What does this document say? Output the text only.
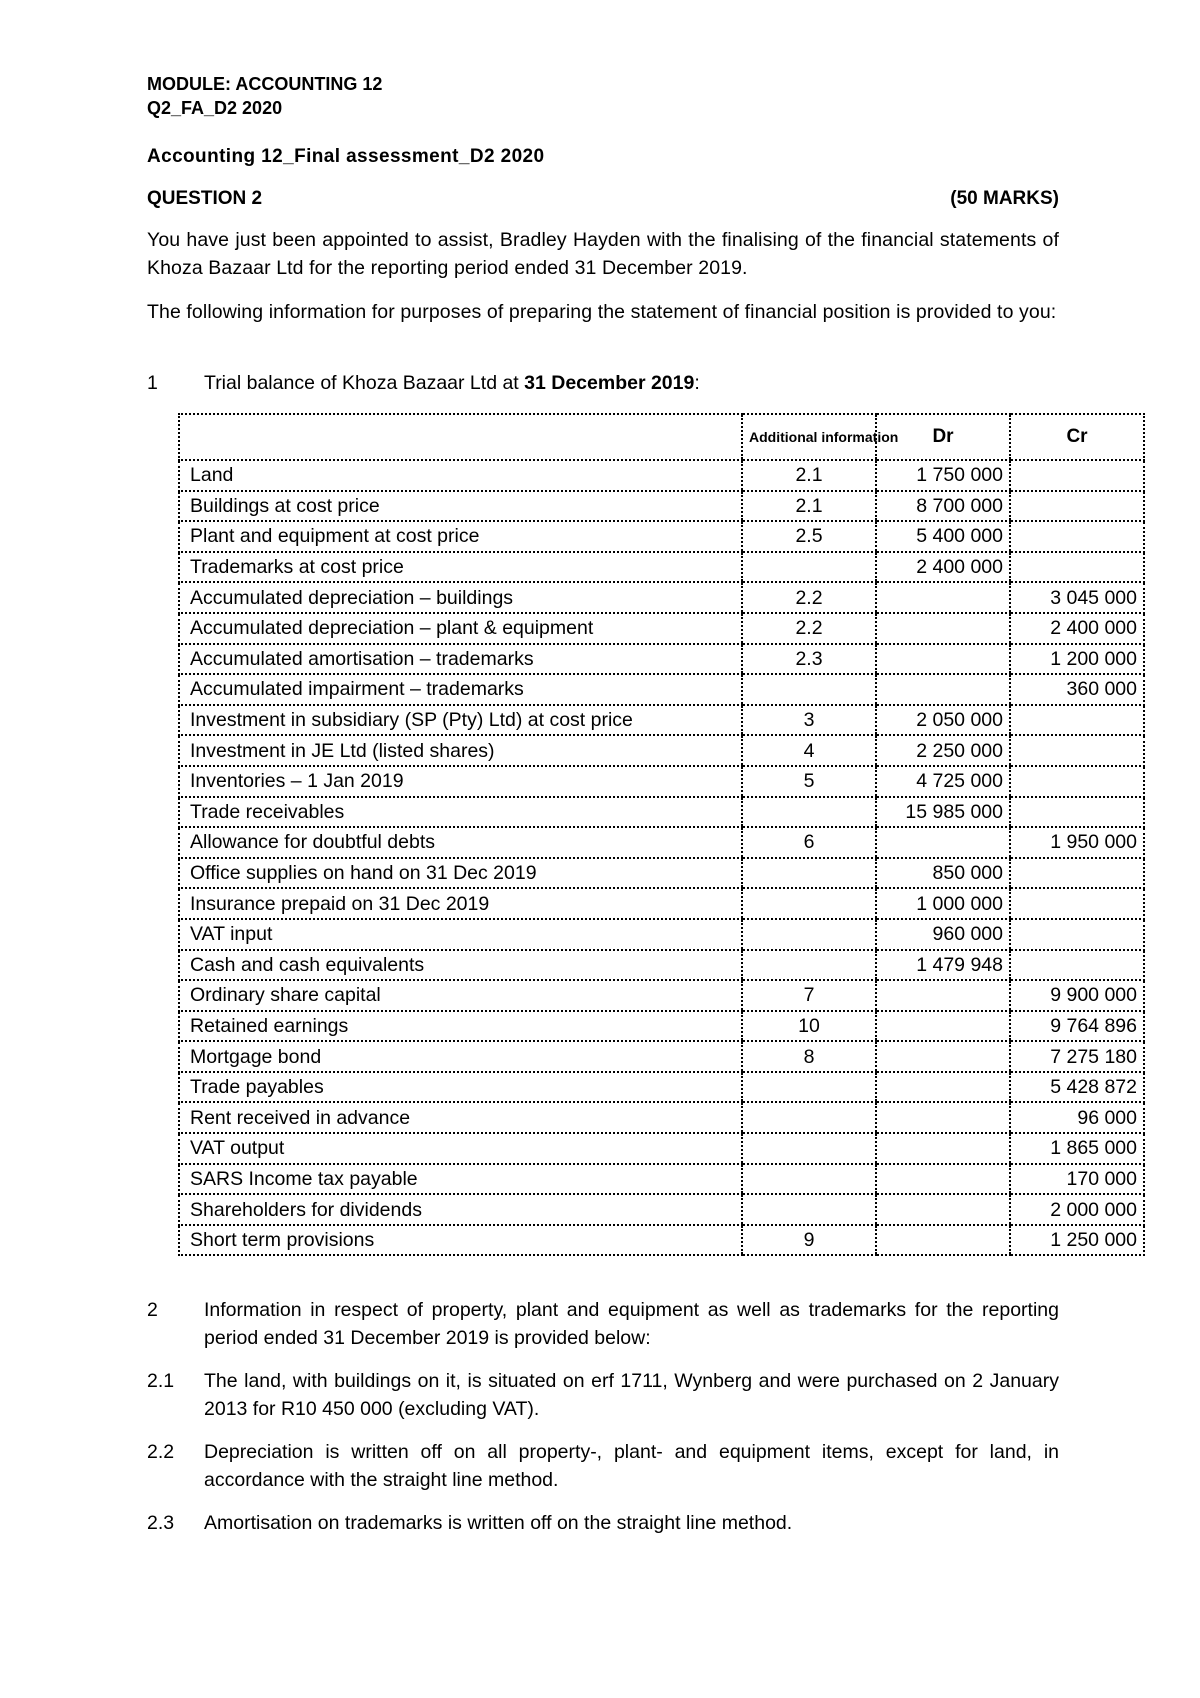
MODULE: ACCOUNTING 12
Q2_FA_D2 2020
Accounting 12_Final assessment_D2 2020
QUESTION 2	(50 MARKS)
You have just been appointed to assist, Bradley Hayden with the finalising of the financial statements of Khoza Bazaar Ltd for the reporting period ended 31 December 2019.
The following information for purposes of preparing the statement of financial position is provided to you:
1 Trial balance of Khoza Bazaar Ltd at 31 December 2019:
	Additional information	Dr	Cr
Land	2.1	1 750 000	
Buildings at cost price	2.1	8 700 000	
Plant and equipment at cost price	2.5	5 400 000	
Trademarks at cost price		2 400 000	
Accumulated depreciation – buildings	2.2		3 045 000
Accumulated depreciation – plant & equipment	2.2		2 400 000
Accumulated amortisation – trademarks	2.3		1 200 000
Accumulated impairment – trademarks			360 000
Investment in subsidiary (SP (Pty) Ltd) at cost price	3	2 050 000	
Investment in JE Ltd (listed shares)	4	2 250 000	
Inventories – 1 Jan 2019	5	4 725 000	
Trade receivables		15 985 000	
Allowance for doubtful debts	6		1 950 000
Office supplies on hand on 31 Dec 2019		850 000	
Insurance prepaid on 31 Dec 2019		1 000 000	
VAT input		960 000	
Cash and cash equivalents		1 479 948	
Ordinary share capital	7		9 900 000
Retained earnings	10		9 764 896
Mortgage bond	8		7 275 180
Trade payables			5 428 872
Rent received in advance			96 000
VAT output			1 865 000
SARS Income tax payable			170 000
Shareholders for dividends			2 000 000
Short term provisions	9		1 250 000
2	Information in respect of property, plant and equipment as well as trademarks for the reporting period ended 31 December 2019 is provided below:
2.1	The land, with buildings on it, is situated on erf 1711, Wynberg and were purchased on 2 January 2013 for R10 450 000 (excluding VAT).
2.2	Depreciation is written off on all property-, plant- and equipment items, except for land, in accordance with the straight line method.
2.3	Amortisation on trademarks is written off on the straight line method.
